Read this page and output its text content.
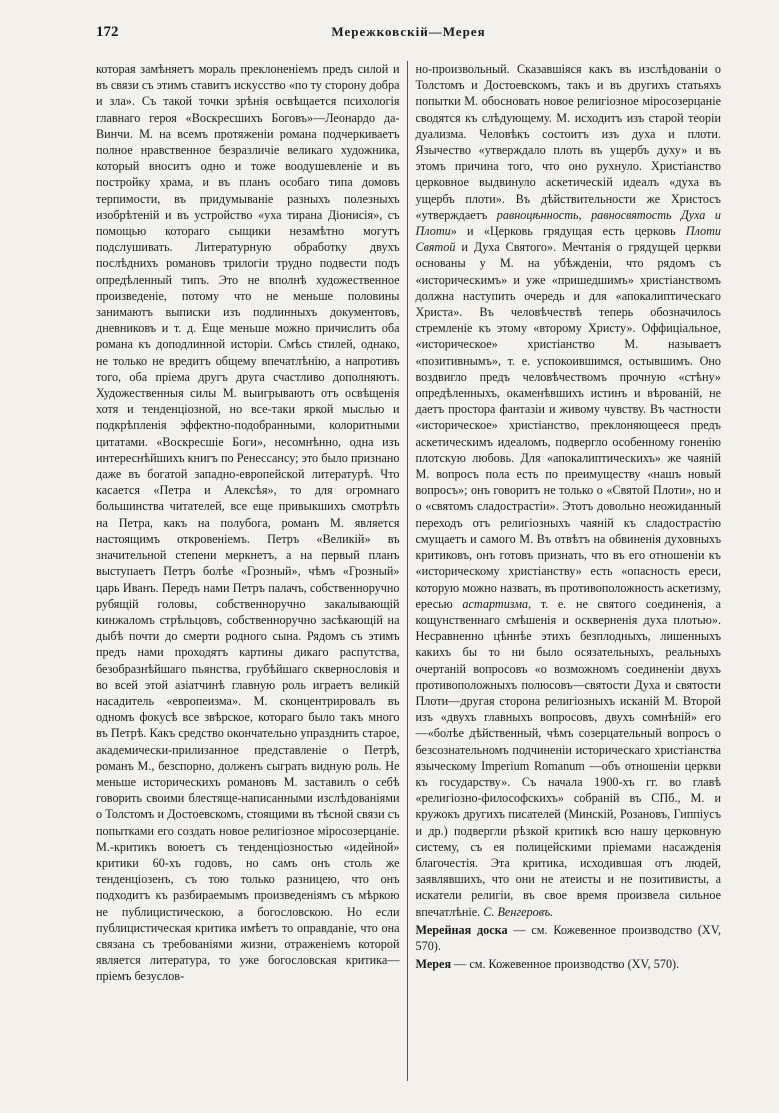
172	Мережковскій—Мерея

которая замѣняетъ мораль преклоненіемъ предъ силой и въ связи съ этимъ ставитъ искусство «по ту сторону добра и зла». Съ такой точки зрѣнія освѣщается психологія главнаго героя «Воскресшихъ Боговъ»—Леонардо да-Винчи. М. на всемъ протяженіи романа подчеркиваетъ полное нравственное безразличіе великаго художника, который вноситъ одно и тоже воодушевленіе и въ постройку храма, и въ планъ особаго типа домовъ терпимости, въ придумываніе разныхъ полезныхъ изобрѣтеній и въ устройство «уха тирана Діонисія», съ помощью котораго сыщики незамѣтно могутъ подслушивать. Литературную обработку двухъ послѣднихъ романовъ трилогіи трудно подвести подъ опредѣленный типъ. Это не вполнѣ художественное произведеніе, потому что не меньше половины занимаютъ выписки изъ подлинныхъ документовъ, дневниковъ и т. д. Еще меньше можно причислить оба романа къ доподлинной исторіи. Смѣсь стилей, однако, не только не вредитъ общему впечатлѣнію, а напротивъ того, оба пріема другъ друга счастливо дополняютъ. Художественныя силы М. выигрываютъ отъ освѣщенія хотя и тенденціозной, но все-таки яркой мыслью и подкрѣпленія эффектно-подобранными, колоритными цитатами. «Воскресшіе Боги», несомнѣнно, одна изъ интереснѣйшихъ книгъ по Ренессансу; это было признано даже въ богатой западно-европейской литературѣ. Что касается «Петра и Алексѣя», то для огромнаго большинства читателей, все еще привыкшихъ смотрѣть на Петра, какъ на полубога, романъ М. является настоящимъ откровеніемъ. Петръ «Великій» въ значительной степени меркнетъ, а на первый планъ выступаетъ Петръ болѣе «Грозный», чѣмъ «Грозный» царь Иванъ. Передъ нами Петръ палачъ, собственноручно рубящій головы, собственноручно закалывающій кинжаломъ стрѣльцовъ, собственноручно засѣкающій на дыбѣ почти до смерти родного сына. Рядомъ съ этимъ предъ нами проходятъ картины дикаго распутства, безобразнѣйшаго пьянства, грубѣйшаго сквернословія и во всей этой азіатчинѣ главную роль играетъ великій насадитель «европеизма». М. сконцентрировалъ въ одномъ фокусѣ все звѣрское, которагo было такъ много въ Петрѣ. Какъ средство окончательно упразднить старое, академически-прилизанное представленіе о Петрѣ, романъ М., безспорно, долженъ сыграть видную роль. Не меньше историческихъ романовъ М. заставилъ о себѣ говорить своими блестяще-написанными изслѣдованіями о Толстомъ и Достоевскомъ, стоящими въ тѣсной связи съ попытками его создать новое религіозное міросозерцаніе. М.-критикъ воюетъ съ тенденціозностью «идейной» критики 60-хъ годовъ, но самъ онъ столь же тенденціозенъ, съ тою только разницею, что онъ подходитъ къ разбираемымъ произведеніямъ съ мѣркою не публицистическою, а богословскою. Но если публицистическая критика имѣетъ то оправданіе, что она связана съ требованіями жизни, отраженіемъ которой является литература, то уже богословская критика—пріемъ безуслов-

но-произвольный. Сказавшіяся какъ въ изслѣдованіи о Толстомъ и Достоевскомъ, такъ и въ другихъ статьяхъ попытки М. обосновать новое религіозное міросозерцаніе сводятся къ слѣдующему. М. исходитъ изъ старой теоріи дуализма. Человѣкъ состоитъ изъ духа и плоти. Язычество «утверждало плоть въ ущербъ духу» и въ этомъ причина того, что оно рухнуло. Христіанство церковное выдвинуло аскетическій идеалъ «духа въ ущербъ плоти». Въ дѣйствительности же Христосъ «утверждаетъ равноцѣнность, равносвятость Духа и Плоти» и «Церковь грядущая есть церковь Плоти Святой и Духа Святого». Мечтанія о грядущей церкви основаны у М. на убѣжденіи, что рядомъ съ «историческимъ» и уже «пришедшимъ» христіанствомъ должна наступить очередь и для «апокалиптическаго Христа». Въ человѣчествѣ теперь обозначилось стремленіе къ этому «второму Христу». Оффиціальное, «историческое» христіанство М. называетъ «позитивнымъ», т. е. успокоившимся, остывшимъ. Оно воздвигло предъ человѣчествомъ прочную «стѣну» опредѣленныхъ, окаменѣвшихъ истинъ и вѣрованій, не даетъ простора фантазіи и живому чувству. Въ частности «историческое» христіанство, преклоняющееся предъ аскетическимъ идеаломъ, подвергло особенному гоненію плотскую любовь. Для «апокалиптическихъ» же чаяній М. вопросъ пола есть по преимуществу «нашъ новый вопросъ»; онъ говоритъ не только о «Святой Плоти», но и о «святомъ сладострастіи». Этотъ довольно неожиданный переходъ отъ религіозныхъ чаяній къ сладострастію смущаетъ и самого М. Въ отвѣтъ на обвиненія духовныхъ критиковъ, онъ готовъ признать, что въ его отношеніи къ «историческому христіанству» есть «опасность ереси, которую можно назвать, въ противоположность аскетизму, ересью астартизма, т. е. не святого соединенія, а кощунственнаго смѣшенія и оскверненія духа плотью». Несравненно цѣннѣе этихъ безплодныхъ, лишенныхъ какихъ бы то ни было осязательныхъ, реальныхъ очертаній вопросовъ «о возможномъ соединеніи двухъ противоположныхъ полюсовъ—святости Духа и святости Плоти—другая сторона религіозныхъ исканій М. Второй изъ «двухъ главныхъ вопросовъ, двухъ сомнѣній» его—«болѣе дѣйственный, чѣмъ созерцательный вопросъ о безсознательномъ подчиненіи историческаго христіанства языческому Imperium Romanum —объ отношеніи церкви къ государству». Съ начала 1900-хъ гг. во главѣ «религіозно-философскихъ» собраній въ СПб., М. и кружокъ другихъ писателей (Минскій, Розановъ, Гиппіусъ и др.) подвергли рѣзкой критикѣ всю нашу церковную систему, съ ея полицейскими пріемами насажденія благочестія. Эта критика, исходившая отъ людей, заявлявшихъ, что они не атеисты и не позитивисты, а искатели религіи, въ свое время произвела сильное впечатлѣніе. С. Венгеровъ.

Мерейная доска — см. Кожевенное производство (XV, 570).

Мерея — см. Кожевенное производство (XV, 570).
